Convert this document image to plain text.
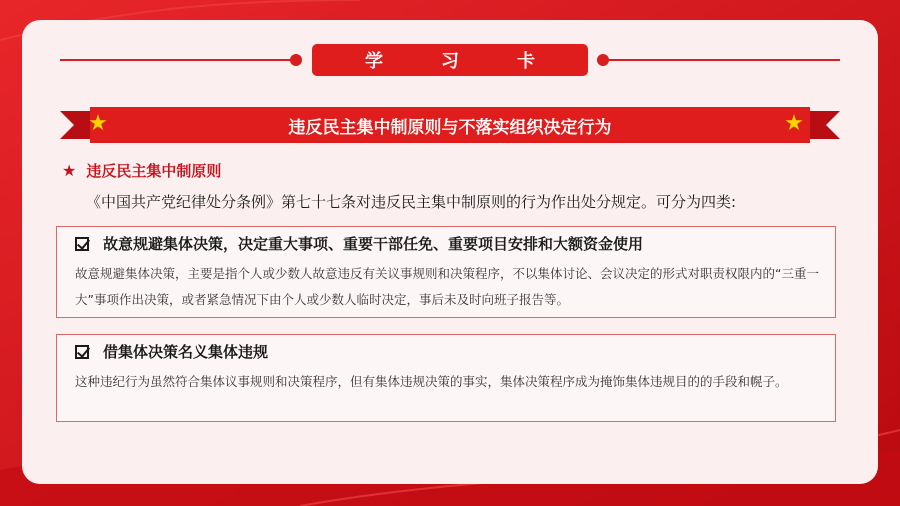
学　习　卡
★	★
违反民主集中制原则与不落实组织决定行为
★ 违反民主集中制原则
《中国共产党纪律处分条例》第七十七条对违反民主集中制原则的行为作出处分规定。可分为四类:
故意规避集体决策，决定重大事项、重要干部任免、重要项目安排和大额资金使用
故意规避集体决策，主要是指个人或少数人故意违反有关议事规则和决策程序，不以集体讨论、会议决定的形式对职责权限内的“三重一大”事项作出决策，或者紧急情况下由个人或少数人临时决定，事后未及时向班子报告等。
借集体决策名义集体违规
这种违纪行为虽然符合集体议事规则和决策程序，但有集体违规决策的事实，集体决策程序成为掩饰集体违规目的的手段和幌子。
